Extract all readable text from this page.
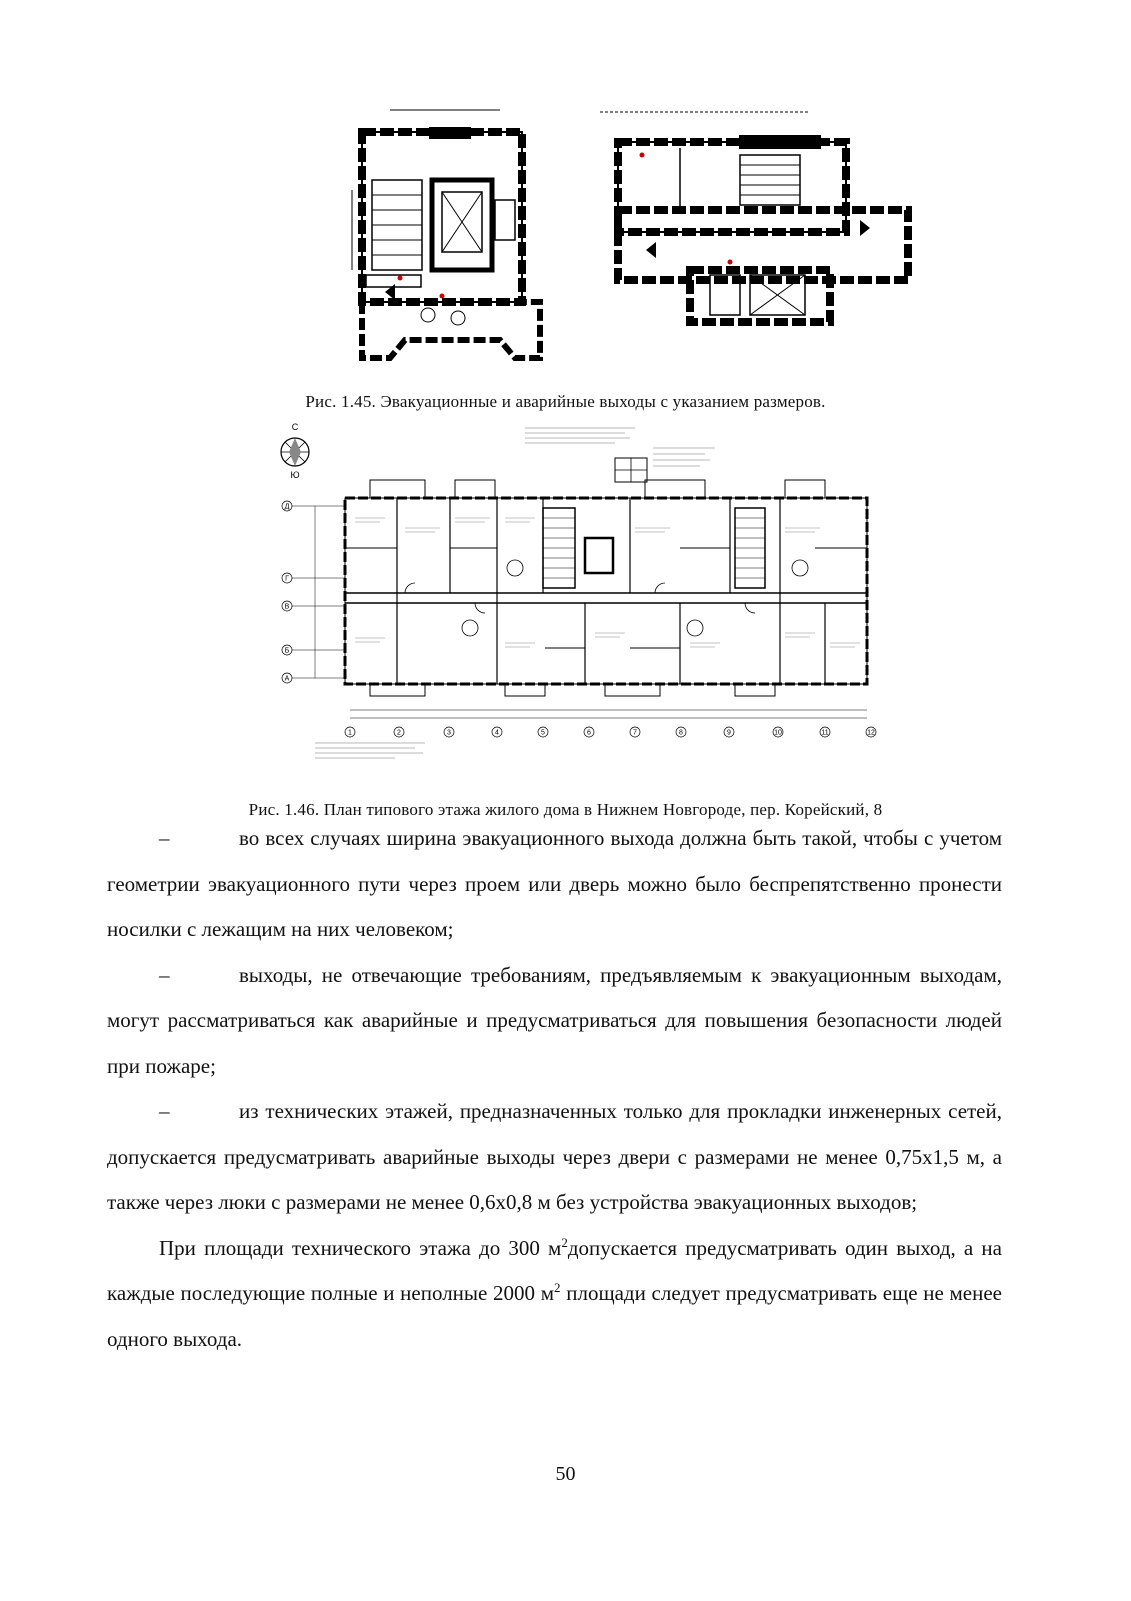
Рис. 1.45. Эвакуационные и аварийные выходы с указанием размеров.
С
Ю
Д
Г
В
Б
А
1	2	3	4	5	6	7	8	9	10	11	12
Рис. 1.46. План типового этажа жилого дома в Нижнем Новгороде, пер. Корейский, 8

–	во всех случаях ширина эвакуационного выхода должна быть такой, чтобы с учетом геометрии эвакуационного пути через проем или дверь можно было беспрепятственно пронести носилки с лежащим на них человеком;

–	выходы, не отвечающие требованиям, предъявляемым к эвакуационным выходам, могут рассматриваться как аварийные и предусматриваться для повышения безопасности людей при пожаре;

–	из технических этажей, предназначенных только для прокладки инженерных сетей, допускается предусматривать аварийные выходы через двери с размерами не менее 0,75х1,5 м, а также через люки с размерами не менее 0,6х0,8 м без устройства эвакуационных выходов;

При площади технического этажа до 300 $м^2допускается$ предусматривать один выход, а на каждые последующие полные и неполные 2000 $м^2$ площади следует предусматривать еще не менее одного выхода.

50
